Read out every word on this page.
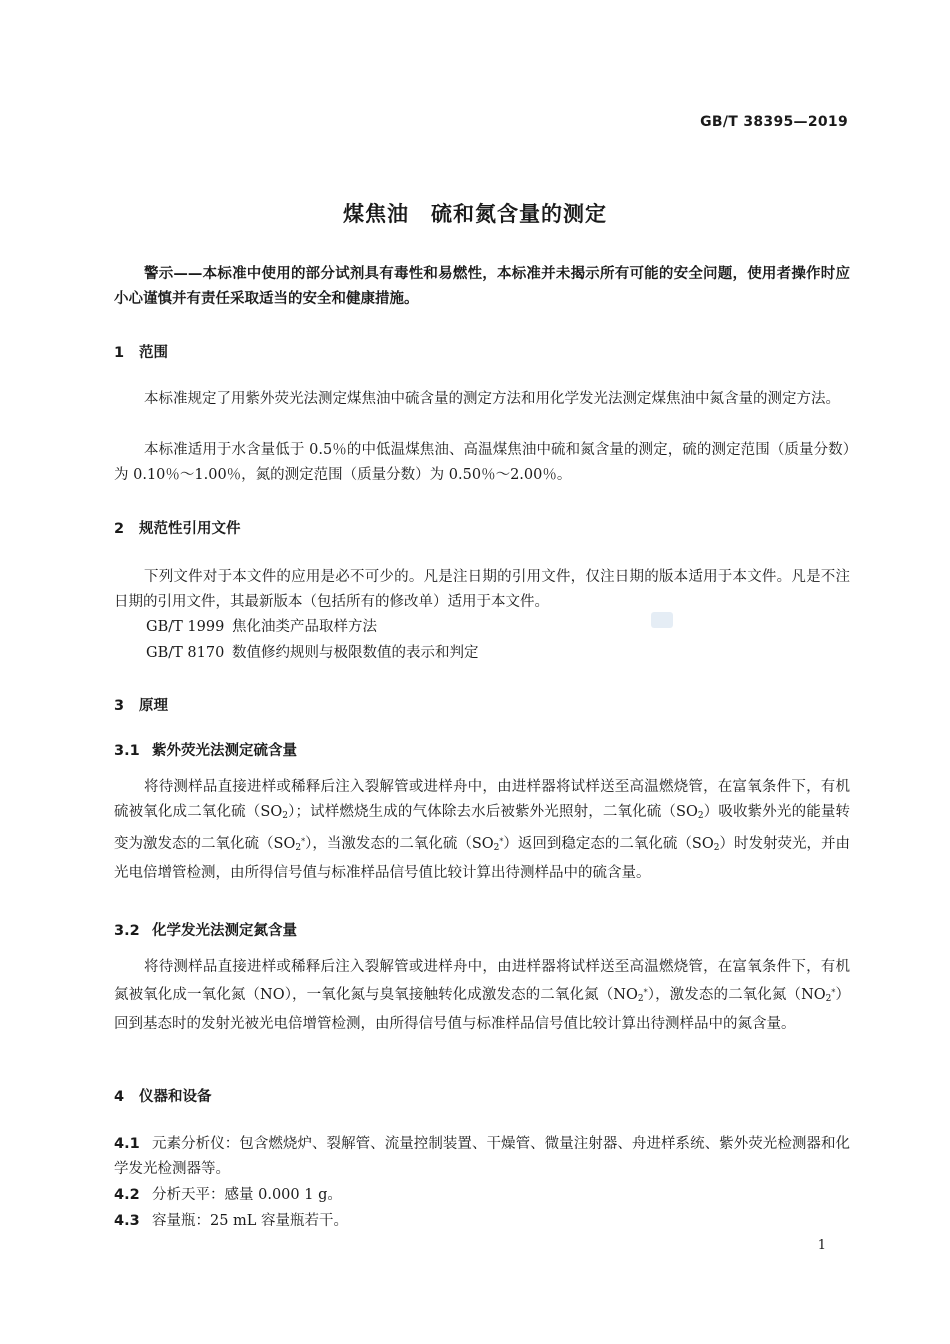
GB/T 38395—2019
煤焦油　硫和氮含量的测定
警示——本标准中使用的部分试剂具有毒性和易燃性，本标准并未揭示所有可能的安全问题，使用者操作时应小心谨慎并有责任采取适当的安全和健康措施。
1 范围
本标准规定了用紫外荧光法测定煤焦油中硫含量的测定方法和用化学发光法测定煤焦油中氮含量的测定方法。
本标准适用于水含量低于 0.5％的中低温煤焦油、高温煤焦油中硫和氮含量的测定，硫的测定范围（质量分数）为 0.10％～1.00％，氮的测定范围（质量分数）为 0.50％～2.00％。
2 规范性引用文件
下列文件对于本文件的应用是必不可少的。凡是注日期的引用文件，仅注日期的版本适用于本文件。凡是不注日期的引用文件，其最新版本（包括所有的修改单）适用于本文件。
GB/T 1999 焦化油类产品取样方法
GB/T 8170 数值修约规则与极限数值的表示和判定
3 原理
3.1 紫外荧光法测定硫含量
将待测样品直接进样或稀释后注入裂解管或进样舟中，由进样器将试样送至高温燃烧管，在富氧条件下，有机硫被氧化成二氧化硫$(SO_2)$；试样燃烧生成的气体除去水后被紫外光照射，二氧化硫$(SO_2)$吸收紫外光的能量转变为激发态的二氧化硫$(SO_2^*)$，当激发态的二氧化硫$(SO_2^*)$返回到稳定态的二氧化硫$(SO_2)$时发射荧光，并由光电倍增管检测，由所得信号值与标准样品信号值比较计算出待测样品中的硫含量。
3.2 化学发光法测定氮含量
将待测样品直接进样或稀释后注入裂解管或进样舟中，由进样器将试样送至高温燃烧管，在富氧条件下，有机氮被氧化成一氧化氮（NO），一氧化氮与臭氧接触转化成激发态的二氧化氮$(NO_2^*)$，激发态的二氧化氮$(NO_2^*)$回到基态时的发射光被光电倍增管检测，由所得信号值与标准样品信号值比较计算出待测样品中的氮含量。
4 仪器和设备
4.1 元素分析仪：包含燃烧炉、裂解管、流量控制装置、干燥管、微量注射器、舟进样系统、紫外荧光检测器和化学发光检测器等。
4.2 分析天平：感量 0.000 1 g。
4.3 容量瓶：25 mL 容量瓶若干。
1
